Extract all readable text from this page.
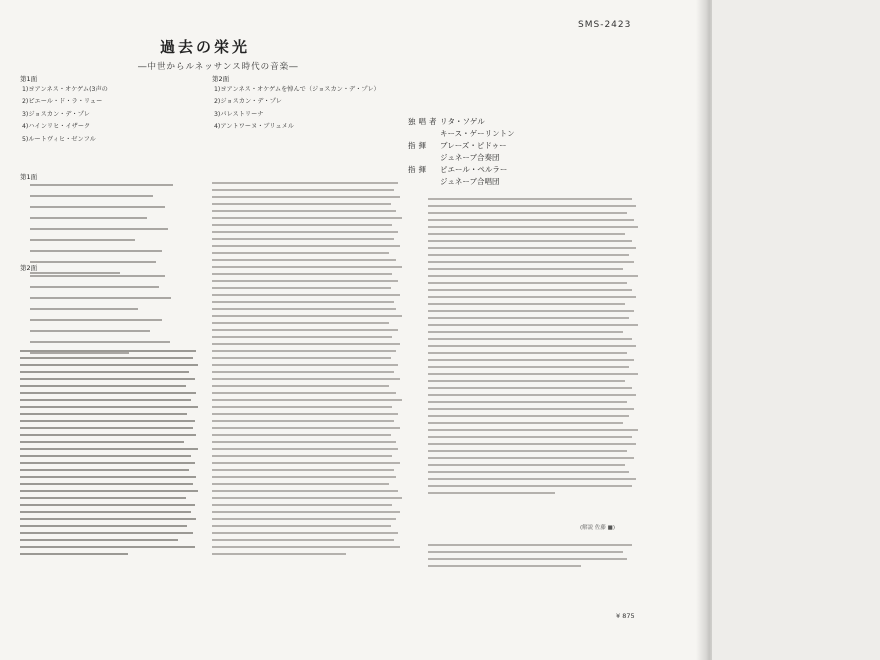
SMS-2423
過去の栄光
―中世からルネッサンス時代の音楽―
第1面
1)ヨアンネス・オケゲム(3声の
2)ピエール・ド・ラ・リュー
3)ジョスカン・デ・プレ
4)ハインリヒ・イザーク
5)ルートヴィヒ・ゼンフル
第2面
1)ヨアンネス・オケゲムを悼んで（ジョスカン・デ・プレ）
2)ジョスカン・デ・プレ
3)パレストリーナ
4)アントワーヌ・ブリュメル
独唱者 リタ・ソゲル
キース・ゲーリントン
指揮	ブレーズ・ピドゥー
ジュネーブ合奏団
指揮	ピエール・ペルラー
ジュネーブ合唱団
第1面
第2面
(解説 佐藤 ■)
¥ 875
